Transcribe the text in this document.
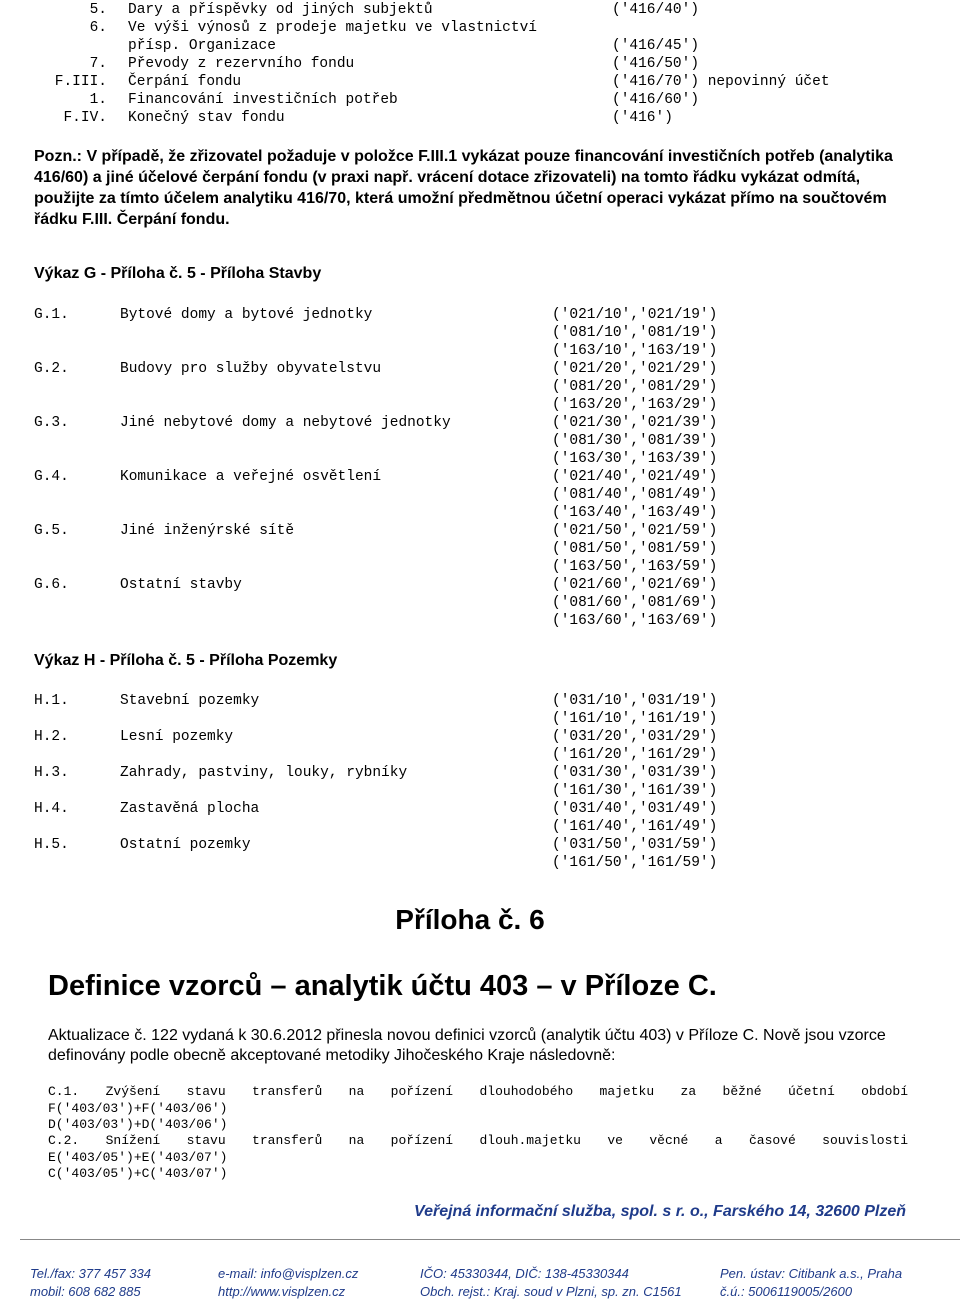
5. Dary a příspěvky od jiných subjektů	('416/40')
6. Ve výši výnosů z prodeje majetku ve vlastnictví
přísp. Organizace	('416/45')
7. Převody z rezervního fondu	('416/50')
F.III. Čerpání fondu	('416/70') nepovinný účet
1. Financování investičních potřeb	('416/60')
F.IV. Konečný stav fondu	('416')

Pozn.: V případě, že zřizovatel požaduje v položce F.III.1 vykázat pouze financování investičních potřeb (analytika 416/60) a jiné účelové čerpání fondu (v praxi např. vrácení dotace zřizovateli) na tomto řádku vykázat odmítá, použijte za tímto účelem analytiku 416/70, která umožní předmětnou účetní operaci vykázat přímo na součtovém řádku F.III. Čerpání fondu.

Výkaz G - Příloha č. 5 - Příloha Stavby
G.1.	Bytové domy a bytové jednotky	('021/10','021/19')
('081/10','081/19')
('163/10','163/19')
G.2.	Budovy pro služby obyvatelstvu	('021/20','021/29')
('081/20','081/29')
('163/20','163/29')
G.3.	Jiné nebytové domy a nebytové jednotky	('021/30','021/39')
('081/30','081/39')
('163/30','163/39')
G.4.	Komunikace a veřejné osvětlení	('021/40','021/49')
('081/40','081/49')
('163/40','163/49')
G.5.	Jiné inženýrské sítě	('021/50','021/59')
('081/50','081/59')
('163/50','163/59')
G.6.	Ostatní stavby	('021/60','021/69')
('081/60','081/69')
('163/60','163/69')
Výkaz H - Příloha č. 5 - Příloha Pozemky
H.1.	Stavební pozemky	('031/10','031/19')
('161/10','161/19')
H.2.	Lesní pozemky	('031/20','031/29')
('161/20','161/29')
H.3.	Zahrady, pastviny, louky, rybníky	('031/30','031/39')
('161/30','161/39')
H.4.	Zastavěná plocha	('031/40','031/49')
('161/40','161/49')
H.5.	Ostatní pozemky	('031/50','031/59')
('161/50','161/59')
Příloha č. 6
Definice vzorců – analytik účtu 403 – v Příloze C.
Aktualizace č. 122 vydaná k 30.6.2012 přinesla novou definici vzorců (analytik účtu 403) v Příloze C. Nově jsou vzorce definovány podle obecně akceptované metodiky Jihočeského Kraje následovně:
C.1. Zvýšení stavu transferů na pořízení dlouhodobého majetku za běžné účetní období
F('403/03')+F('403/06')
D('403/03')+D('403/06')
C.2. Snížení stavu transferů na pořízení dlouh.majetku ve věcné a časové souvislosti
E('403/05')+E('403/07')
C('403/05')+C('403/07')
Veřejná informační služba, spol. s r. o., Farského 14, 32600 Plzeň
Tel./fax: 377 457 334
mobil: 608 682 885
e-mail: info@visplzen.cz
http://www.visplzen.cz
IČO: 45330344, DIČ: 138-45330344
Obch. rejst.: Kraj. soud v Plzni, sp. zn. C1561
Pen. ústav: Citibank a.s., Praha
č.ú.: 5006119005/2600
